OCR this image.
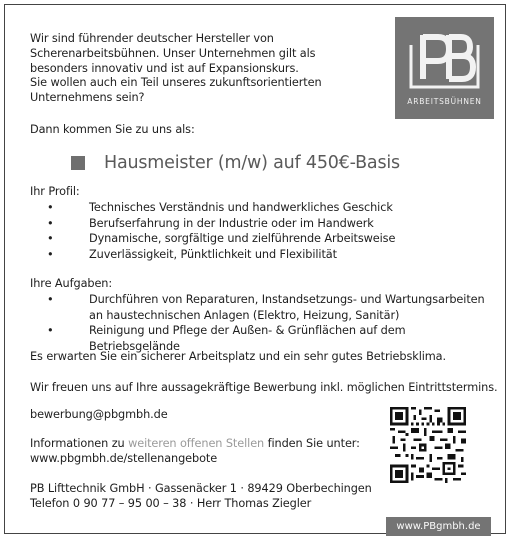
Wir sind führender deutscher Hersteller von
Scherenarbeitsbühnen. Unser Unternehmen gilt als
besonders innovativ und ist auf Expansionskurs.
Sie wollen auch ein Teil unseres zukunftsorientierten
Unternehmens sein?	ARBEITSBÜHNEN
Dann kommen Sie zu uns als:
Hausmeister (m/w) auf 450€-Basis
Ihr Profil:
•	Technisches Verständnis und handwerkliches Geschick
•	Berufserfahrung in der Industrie oder im Handwerk
•	Dynamische, sorgfältige und zielführende Arbeitsweise
•	Zuverlässigkeit, Pünktlichkeit und Flexibilität
Ihre Aufgaben:
•	Durchführen von Reparaturen, Instandsetzungs- und Wartungsarbeiten
an haustechnischen Anlagen (Elektro, Heizung, Sanitär)
•	Reinigung und Pflege der Außen- & Grünflächen auf dem Betriebsgelände
Es erwarten Sie ein sicherer Arbeitsplatz und ein sehr gutes Betriebsklima.
Wir freuen uns auf Ihre aussagekräftige Bewerbung inkl. möglichen Eintrittstermins.
bewerbung@pbgmbh.de
Informationen zu weiteren offenen Stellen finden Sie unter:
www.pbgmbh.de/stellenangebote
PB Lifttechnik GmbH · Gassenäcker 1 · 89429 Oberbechingen
Telefon 0 90 77 – 95 00 – 38 · Herr Thomas Ziegler
www.PBgmbh.de
